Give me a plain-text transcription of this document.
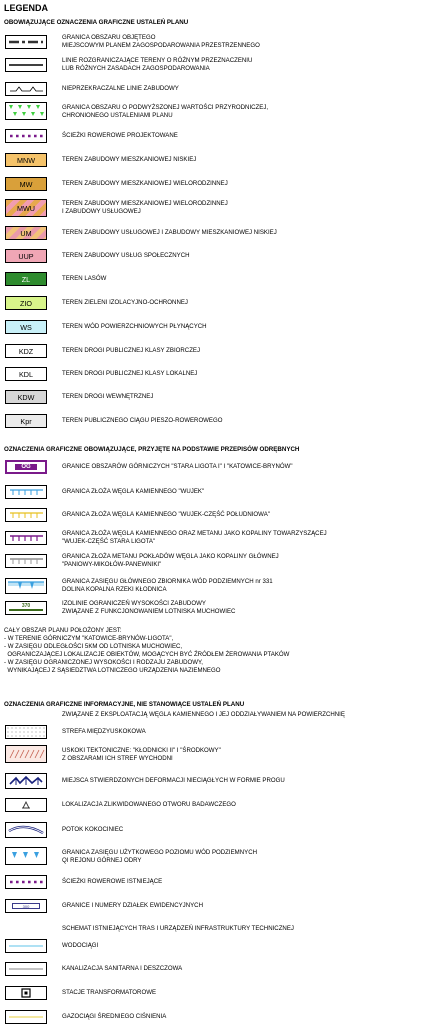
LEGENDA
OBOWIĄZUJĄCE OZNACZENIA GRAFICZNE USTALEŃ PLANU
GRANICA OBSZARU OBJĘTEGO
MIEJSCOWYM PLANEM ZAGOSPODAROWANIA PRZESTRZENNEGO
LINIE ROZGRANICZAJĄCE TERENY O RÓŻNYM PRZEZNACZENIU
LUB RÓŻNYCH ZASADACH ZAGOSPODAROWANIA
NIEPRZEKRACZALNE LINIE ZABUDOWY
GRANICA OBSZARU O PODWYŻSZONEJ WARTOŚCI PRZYRODNICZEJ,
CHRONIONEGO USTALENIAMI PLANU
ŚCIEŻKI ROWEROWE PROJEKTOWANE
MNW	TEREN ZABUDOWY MIESZKANIOWEJ NISKIEJ
MW	TEREN ZABUDOWY MIESZKANIOWEJ WIELORODZINNEJ
MWU	TEREN ZABUDOWY MIESZKANIOWEJ WIELORODZINNEJ
I ZABUDOWY USŁUGOWEJ
UM	TEREN ZABUDOWY USŁUGOWEJ I ZABUDOWY MIESZKANIOWEJ NISKIEJ
UUP	TEREN ZABUDOWY USŁUG SPOŁECZNYCH
ZL	TEREN LASÓW
ZIO	TEREN ZIELENI IZOLACYJNO-OCHRONNEJ
WS	TEREN WÓD POWIERZCHNIOWYCH PŁYNĄCYCH
KDZ	TEREN DROGI PUBLICZNEJ KLASY ZBIORCZEJ
KDL	TEREN DROGI PUBLICZNEJ KLASY LOKALNEJ
KDW	TEREN DROGI WEWNĘTRZNEJ
Kpr	TEREN PUBLICZNEGO CIĄGU PIESZO-ROWEROWEGO
OZNACZENIA GRAFICZNE OBOWIĄZUJĄCE, PRZYJĘTE NA PODSTAWIE PRZEPISÓW ODRĘBNYCH
OG	GRANICE OBSZARÓW GÓRNICZYCH "STARA LIGOTA I" I "KATOWICE-BRYNÓW"
GRANICA ZŁOŻA WĘGLA KAMIENNEGO "WUJEK"
GRANICA ZŁOŻA WĘGLA KAMIENNEGO "WUJEK-CZĘŚĆ POŁUDNIOWA"
GRANICA ZŁOŻA WĘGLA KAMIENNEGO ORAZ METANU JAKO KOPALINY TOWARZYSZĄCEJ
"WUJEK-CZĘŚĆ STARA LIGOTA"
GRANICA ZŁOŻA METANU POKŁADÓW WĘGLA JAKO KOPALINY GŁÓWNEJ
"PANIOWY-MIKOŁÓW-PANEWNIKI"
GRANICA ZASIĘGU GŁÓWNEGO ZBIORNIKA WÓD PODZIEMNYCH nr 331
DOLINA KOPALNA RZEKI KŁODNICA
370	IZOLINIE OGRANICZEŃ WYSOKOŚCI ZABUDOWY
ZWIĄZANE Z FUNKCJONOWANIEM LOTNISKA MUCHOWIEC
CAŁY OBSZAR PLANU POŁOŻONY JEST:
- W TERENIE GÓRNICZYM "KATOWICE-BRYNÓW-LIGOTA",
- W ZASIĘGU ODLEGŁOŚCI 5KM OD LOTNISKA MUCHOWIEC,
OGRANICZAJĄCEJ LOKALIZACJE OBIEKTÓW, MOGĄCYCH BYĆ ŹRÓDŁEM ŻEROWANIA PTAKÓW
- W ZASIĘGU OGRANICZONEJ WYSOKOŚCI I RODZAJU ZABUDOWY,
WYNIKAJĄCEJ Z SĄSIEDZTWA LOTNICZEGO URZĄDZENIA NAZIEMNEGO
OZNACZENIA GRAFICZNE INFORMACYJNE, NIE STANOWIĄCE USTALEŃ PLANU
ZWIĄZANE Z EKSPLOATACJĄ WĘGLA KAMIENNEGO I JEJ ODDZIAŁYWANIEM NA POWIERZCHNIĘ
STREFA MIĘDZYUSKOKOWA
USKOKI TEKTONICZNE: "KŁODNICKI II" I "ŚRODKOWY"
Z OBSZARAMI ICH STREF WYCHODNI
MIEJSCA STWIERDZONYCH DEFORMACJI NIECIĄGŁYCH W FORMIE PROGU
LOKALIZACJA ZLIKWIDOWANEGO OTWORU BADAWCZEGO
POTOK KOKOCINIEC
GRANICA ZASIĘGU UŻYTKOWEGO POZIOMU WÓD PODZIEMNYCH
QI REJONU GÓRNEJ ODRY
ŚCIEŻKI ROWEROWE ISTNIEJĄCE
300	GRANICE I NUMERY DZIAŁEK EWIDENCYJNYCH
SCHEMAT ISTNIEJĄCYCH TRAS I URZĄDZEŃ INFRASTRUKTURY TECHNICZNEJ
WODOCIĄGI
KANALIZACJA SANITARNA I DESZCZOWA
STACJE TRANSFORMATOROWE
GAZOCIĄGI ŚREDNIEGO CIŚNIENIA
